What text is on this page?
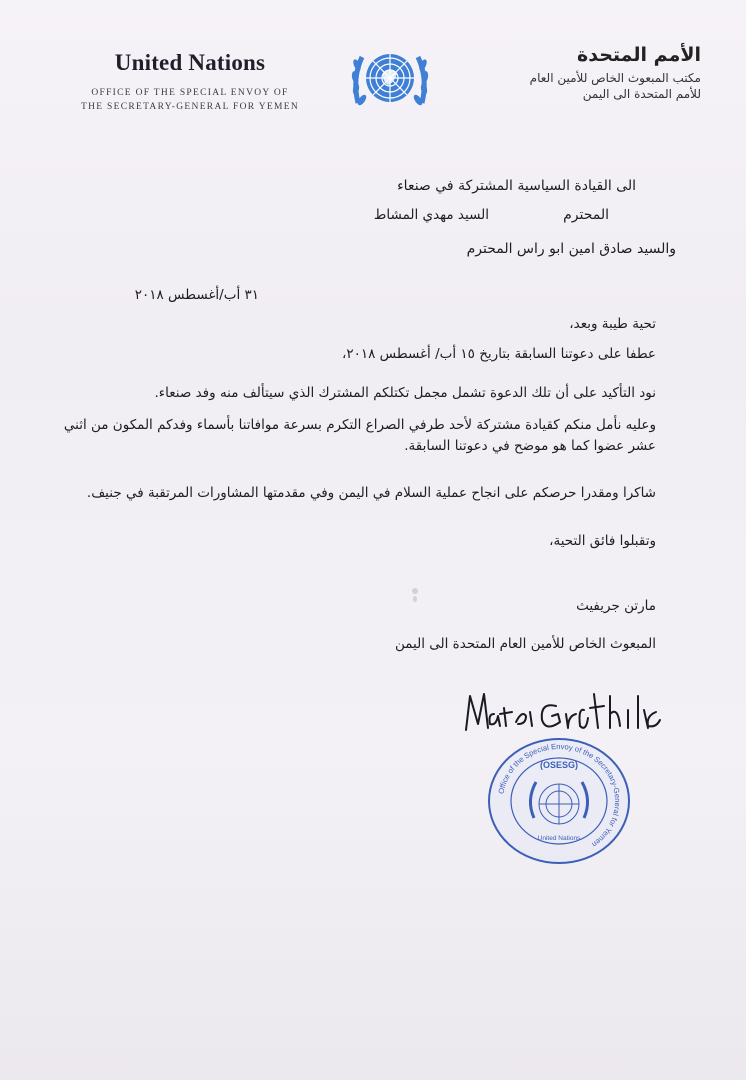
United Nations
OFFICE OF THE SPECIAL ENVOY OF
THE SECRETARY-GENERAL FOR YEMEN
الأمم المتحدة
مكتب المبعوث الخاص للأمين العام
للأمم المتحدة الى اليمن
الى القيادة السياسية المشتركة في صنعاء
المحترم
السيد مهدي المشاط
والسيد صادق امين ابو راس المحترم
٣١ أب/أغسطس ٢٠١٨
تحية طيبة وبعد،
عطفا على دعوتنا السابقة بتاريخ ١٥ أب/ أغسطس ٢٠١٨،
نود التأكيد على أن تلك الدعوة تشمل مجمل تكتلكم المشترك الذي سيتألف منه وفد صنعاء.
وعليه نأمل منكم كقيادة مشتركة لأحد طرفي الصراع التكرم بسرعة موافاتنا بأسماء وفدكم المكون من اثني عشر عضوا كما هو موضح في دعوتنا السابقة.
شاكرا ومقدرا حرصكم على انجاح عملية السلام في اليمن وفي مقدمتها المشاورات المرتقبة في جنيف.
وتقبلوا فائق التحية،
مارتن جريفيث
المبعوث الخاص للأمين العام المتحدة الى اليمن
Office of the Special Envoy of the Secretary-General for Yemen
(OSESG)
United Nations
